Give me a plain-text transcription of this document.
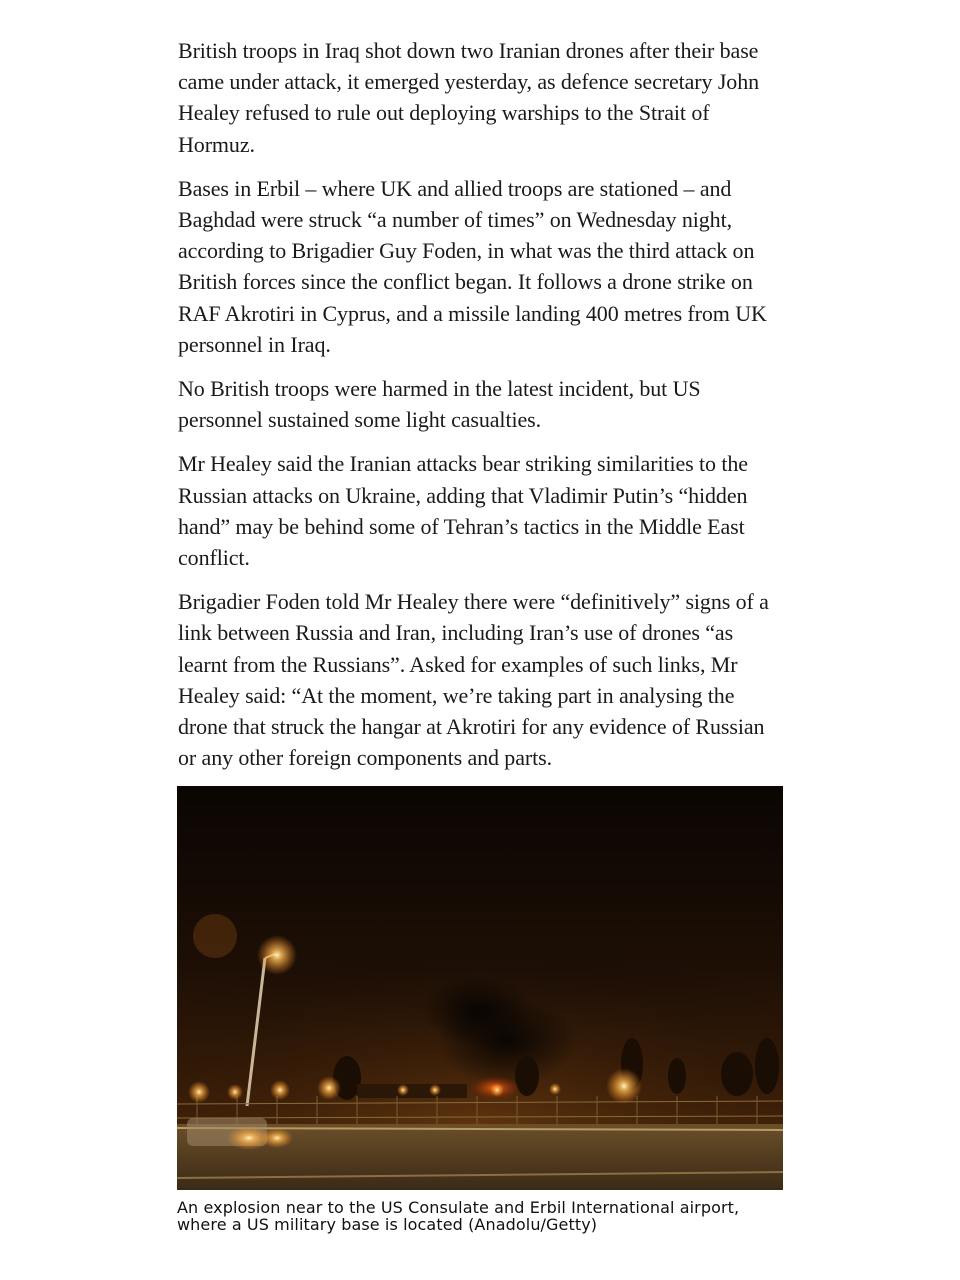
British troops in Iraq shot down two Iranian drones after their base came under attack, it emerged yesterday, as defence secretary John Healey refused to rule out deploying warships to the Strait of Hormuz.

Bases in Erbil – where UK and allied troops are stationed – and Baghdad were struck “a number of times” on Wednesday night, according to Brigadier Guy Foden, in what was the third attack on British forces since the conflict began. It follows a drone strike on RAF Akrotiri in Cyprus, and a missile landing 400 metres from UK personnel in Iraq.

No British troops were harmed in the latest incident, but US personnel sustained some light casualties.

Mr Healey said the Iranian attacks bear striking similarities to the Russian attacks on Ukraine, adding that Vladimir Putin’s “hidden hand” may be behind some of Tehran’s tactics in the Middle East conflict.

Brigadier Foden told Mr Healey there were “definitively” signs of a link between Russia and Iran, including Iran’s use of drones “as learnt from the Russians”. Asked for examples of such links, Mr Healey said: “At the moment, we’re taking part in analysing the drone that struck the hangar at Akrotiri for any evidence of Russian or any other foreign components and parts.

An explosion near to the US Consulate and Erbil International airport, where a US military base is located (Anadolu/Getty)
